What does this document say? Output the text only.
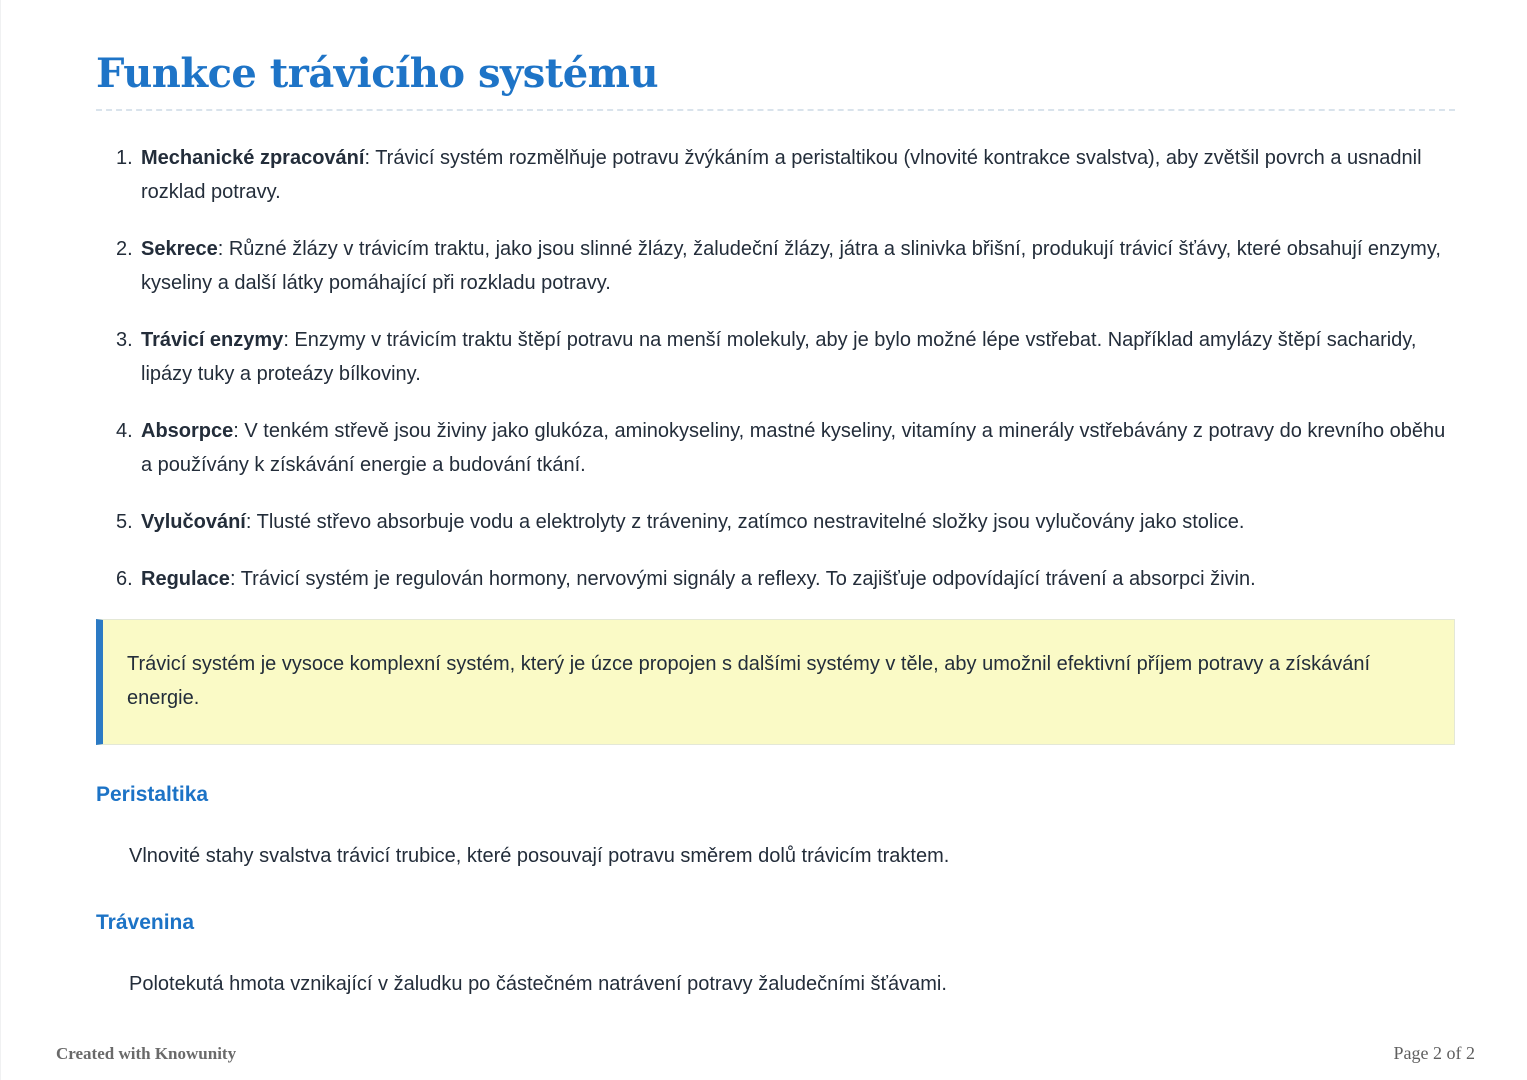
Funkce trávicího systému
1. Mechanické zpracování: Trávicí systém rozmělňuje potravu žvýkáním a peristaltikou (vlnovité kontrakce svalstva), aby zvětšil povrch a usnadnil rozklad potravy.
2. Sekrece: Různé žlázy v trávicím traktu, jako jsou slinné žlázy, žaludeční žlázy, játra a slinivka břišní, produkují trávicí šťávy, které obsahují enzymy, kyseliny a další látky pomáhající při rozkladu potravy.
3. Trávicí enzymy: Enzymy v trávicím traktu štěpí potravu na menší molekuly, aby je bylo možné lépe vstřebat. Například amylázy štěpí sacharidy, lipázy tuky a proteázy bílkoviny.
4. Absorpce: V tenkém střevě jsou živiny jako glukóza, aminokyseliny, mastné kyseliny, vitamíny a minerály vstřebávány z potravy do krevního oběhu a používány k získávání energie a budování tkání.
5. Vylučování: Tlusté střevo absorbuje vodu a elektrolyty z tráveniny, zatímco nestravitelné složky jsou vylučovány jako stolice.
6. Regulace: Trávicí systém je regulován hormony, nervovými signály a reflexy. To zajišťuje odpovídající trávení a absorpci živin.
Trávicí systém je vysoce komplexní systém, který je úzce propojen s dalšími systémy v těle, aby umožnil efektivní příjem potravy a získávání energie.
Peristaltika

Vlnovité stahy svalstva trávicí trubice, které posouvají potravu směrem dolů trávicím traktem.

Trávenina

Polotekutá hmota vznikající v žaludku po částečném natrávení potravy žaludečními šťávami.

Created with Knowunity	Page 2 of 2
